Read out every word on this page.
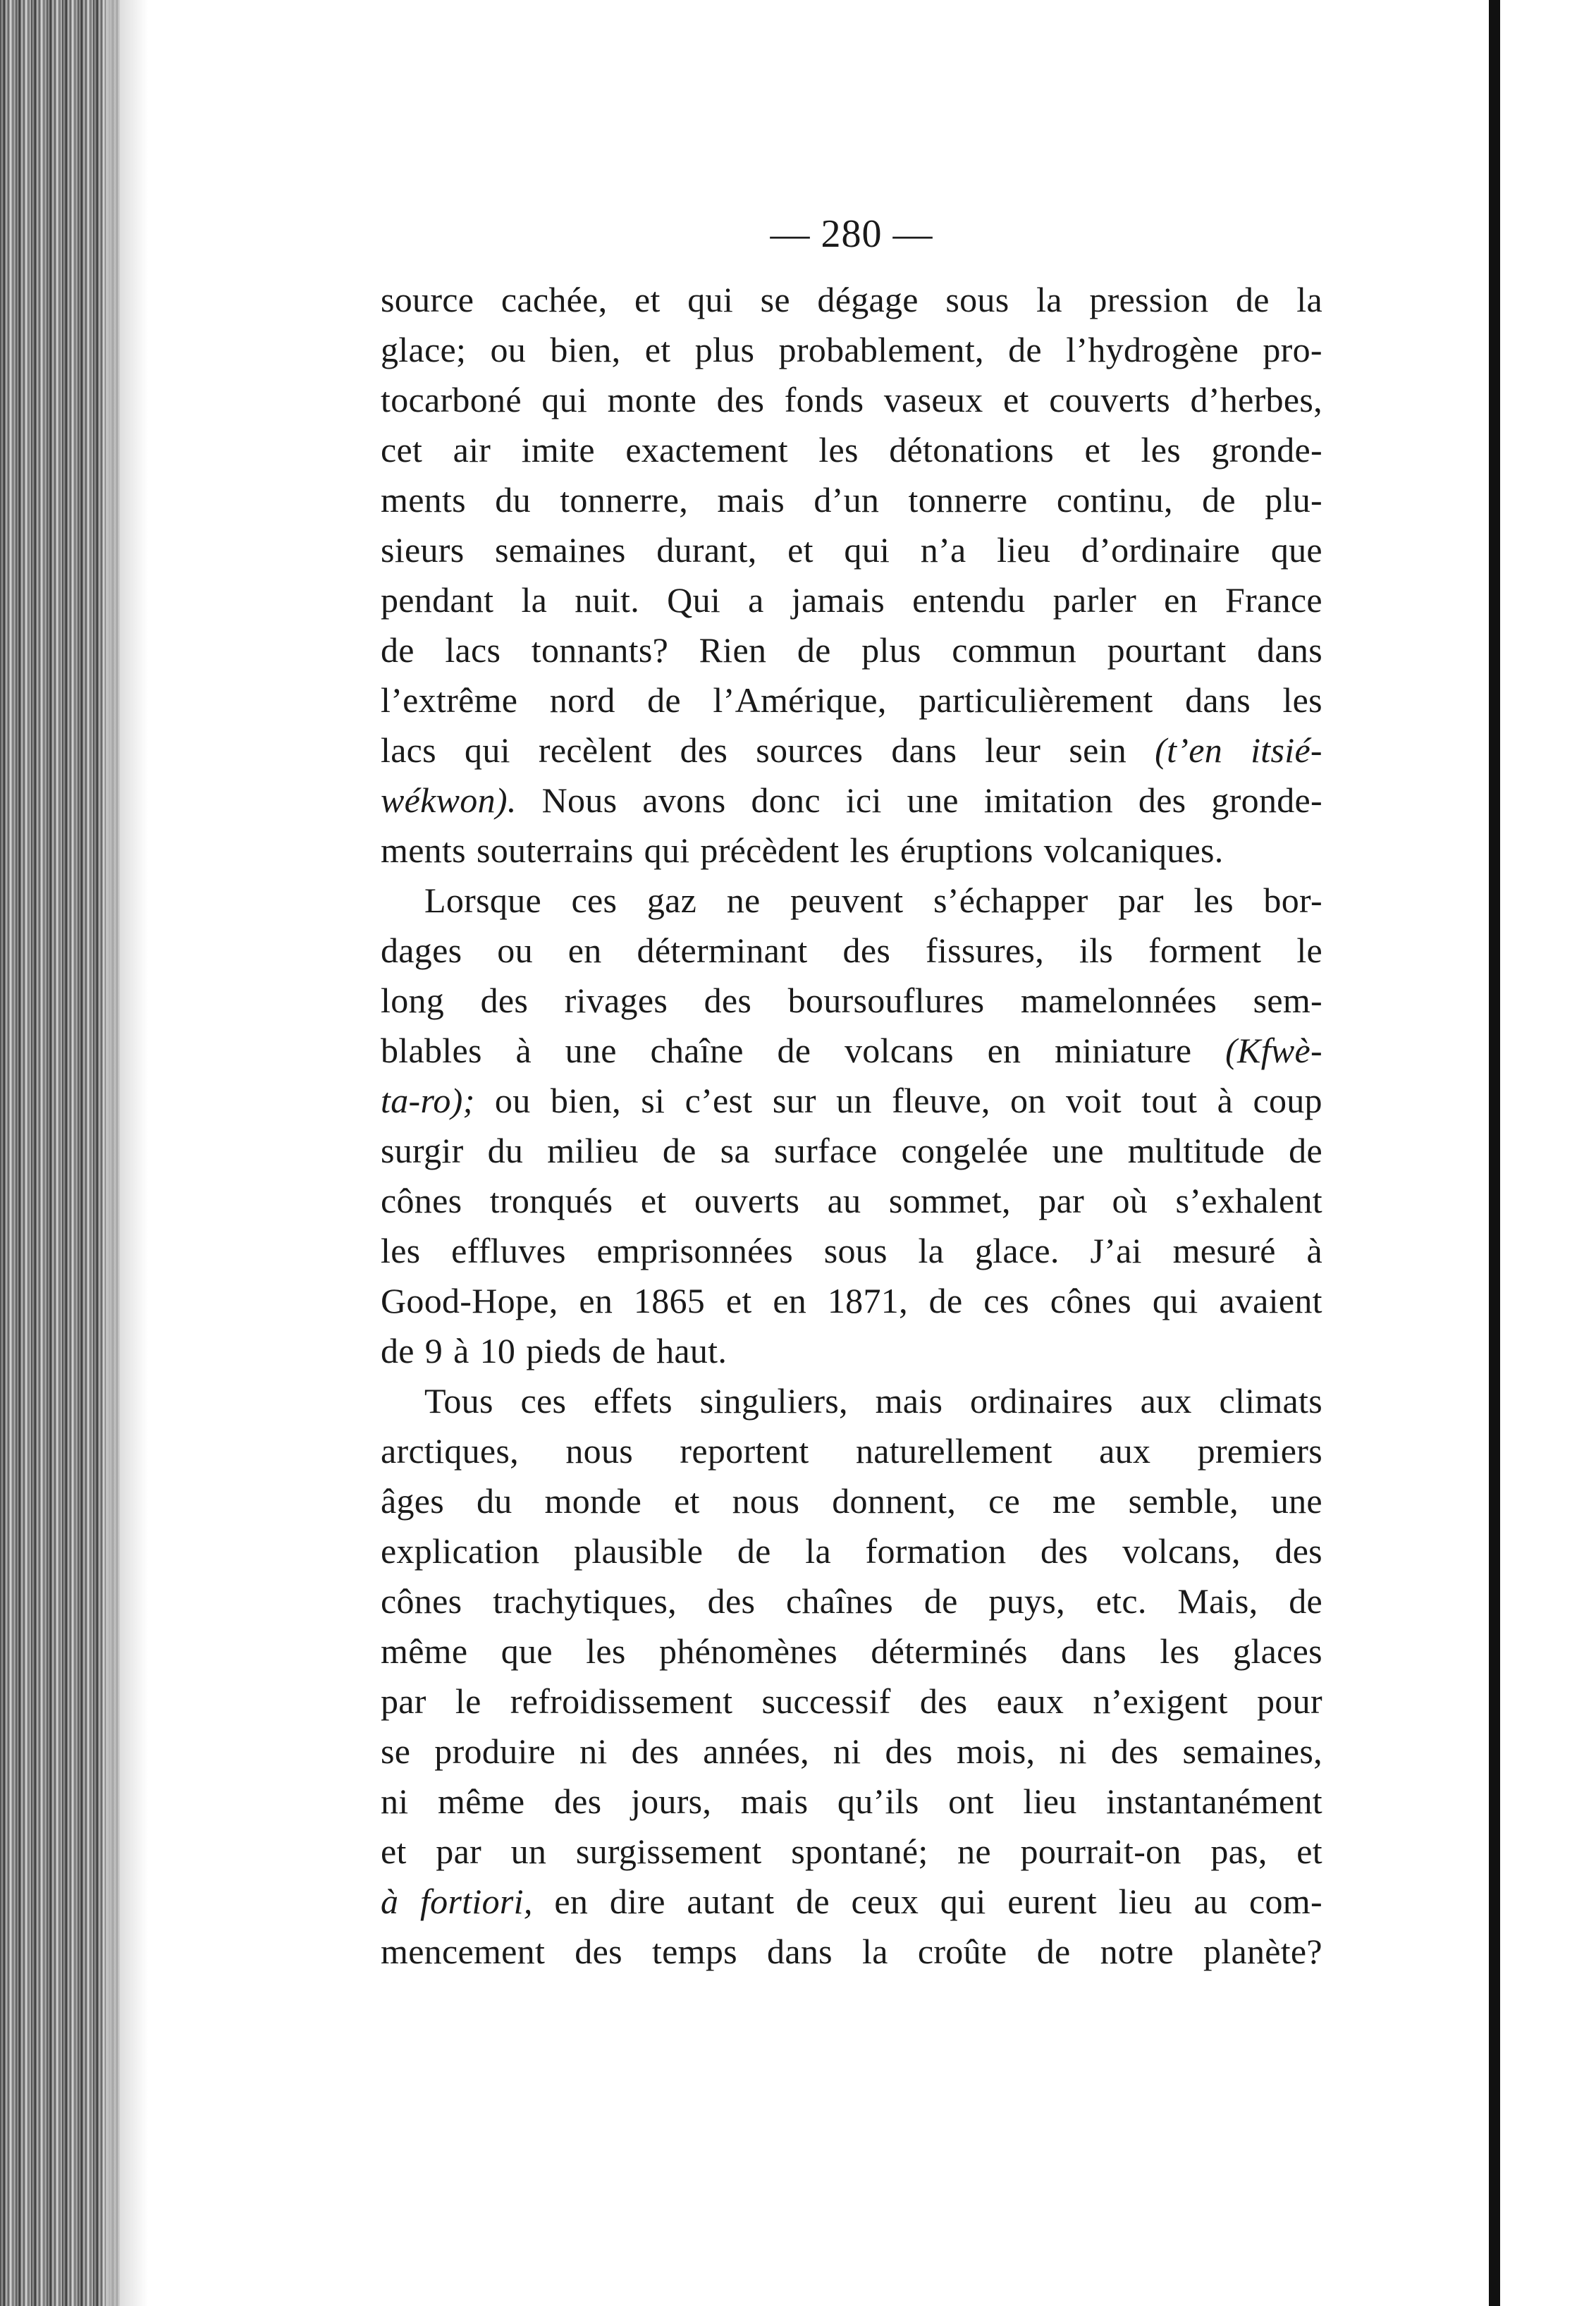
— 280 —
source cachée, et qui se dégage sous la pression de la
glace; ou bien, et plus probablement, de l’hydrogène pro-
tocarboné qui monte des fonds vaseux et couverts d’herbes,
cet air imite exactement les détonations et les gronde-
ments du tonnerre, mais d’un tonnerre continu, de plu-
sieurs semaines durant, et qui n’a lieu d’ordinaire que
pendant la nuit. Qui a jamais entendu parler en France
de lacs tonnants? Rien de plus commun pourtant dans
l’extrême nord de l’Amérique, particulièrement dans les
lacs qui recèlent des sources dans leur sein (t’en itsié-
wékwon). Nous avons donc ici une imitation des gronde-
ments souterrains qui précèdent les éruptions volcaniques.
Lorsque ces gaz ne peuvent s’échapper par les bor-
dages ou en déterminant des fissures, ils forment le
long des rivages des boursouflures mamelonnées sem-
blables à une chaîne de volcans en miniature (Kfwè-
ta-ro); ou bien, si c’est sur un fleuve, on voit tout à coup
surgir du milieu de sa surface congelée une multitude de
cônes tronqués et ouverts au sommet, par où s’exhalent
les effluves emprisonnées sous la glace. J’ai mesuré à
Good-Hope, en 1865 et en 1871, de ces cônes qui avaient
de 9 à 10 pieds de haut.
Tous ces effets singuliers, mais ordinaires aux climats
arctiques, nous reportent naturellement aux premiers
âges du monde et nous donnent, ce me semble, une
explication plausible de la formation des volcans, des
cônes trachytiques, des chaînes de puys, etc. Mais, de
même que les phénomènes déterminés dans les glaces
par le refroidissement successif des eaux n’exigent pour
se produire ni des années, ni des mois, ni des semaines,
ni même des jours, mais qu’ils ont lieu instantanément
et par un surgissement spontané; ne pourrait-on pas, et
à fortiori, en dire autant de ceux qui eurent lieu au com-
mencement des temps dans la croûte de notre planète?
